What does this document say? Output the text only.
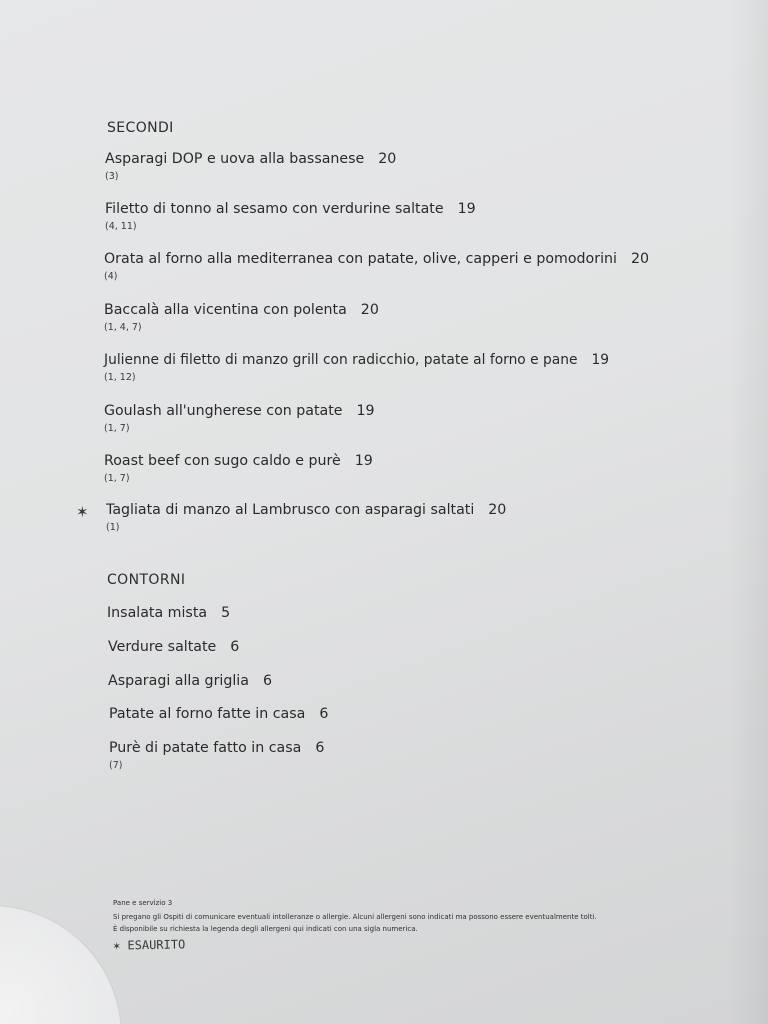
SECONDI
Asparagi DOP e uova alla bassanese 20
(3)
Filetto di tonno al sesamo con verdurine saltate 19
(4, 11)
Orata al forno alla mediterranea con patate, olive, capperi e pomodorini 20
(4)
Baccalà alla vicentina con polenta 20
(1, 4, 7)
Julienne di filetto di manzo grill con radicchio, patate al forno e pane 19
(1, 12)
Goulash all'ungherese con patate 19
(1, 7)
Roast beef con sugo caldo e purè 19
(1, 7)
✶ Tagliata di manzo al Lambrusco con asparagi saltati 20
(1)
CONTORNI
Insalata mista 5
Verdure saltate 6
Asparagi alla griglia 6
Patate al forno fatte in casa 6
Purè di patate fatto in casa 6
(7)
Pane e servizio 3
Si pregano gli Ospiti di comunicare eventuali intolleranze o allergie. Alcuni allergeni sono indicati ma possono essere eventualmente tolti.
È disponibile su richiesta la legenda degli allergeni qui indicati con una sigla numerica.
✶ ESAURITO
